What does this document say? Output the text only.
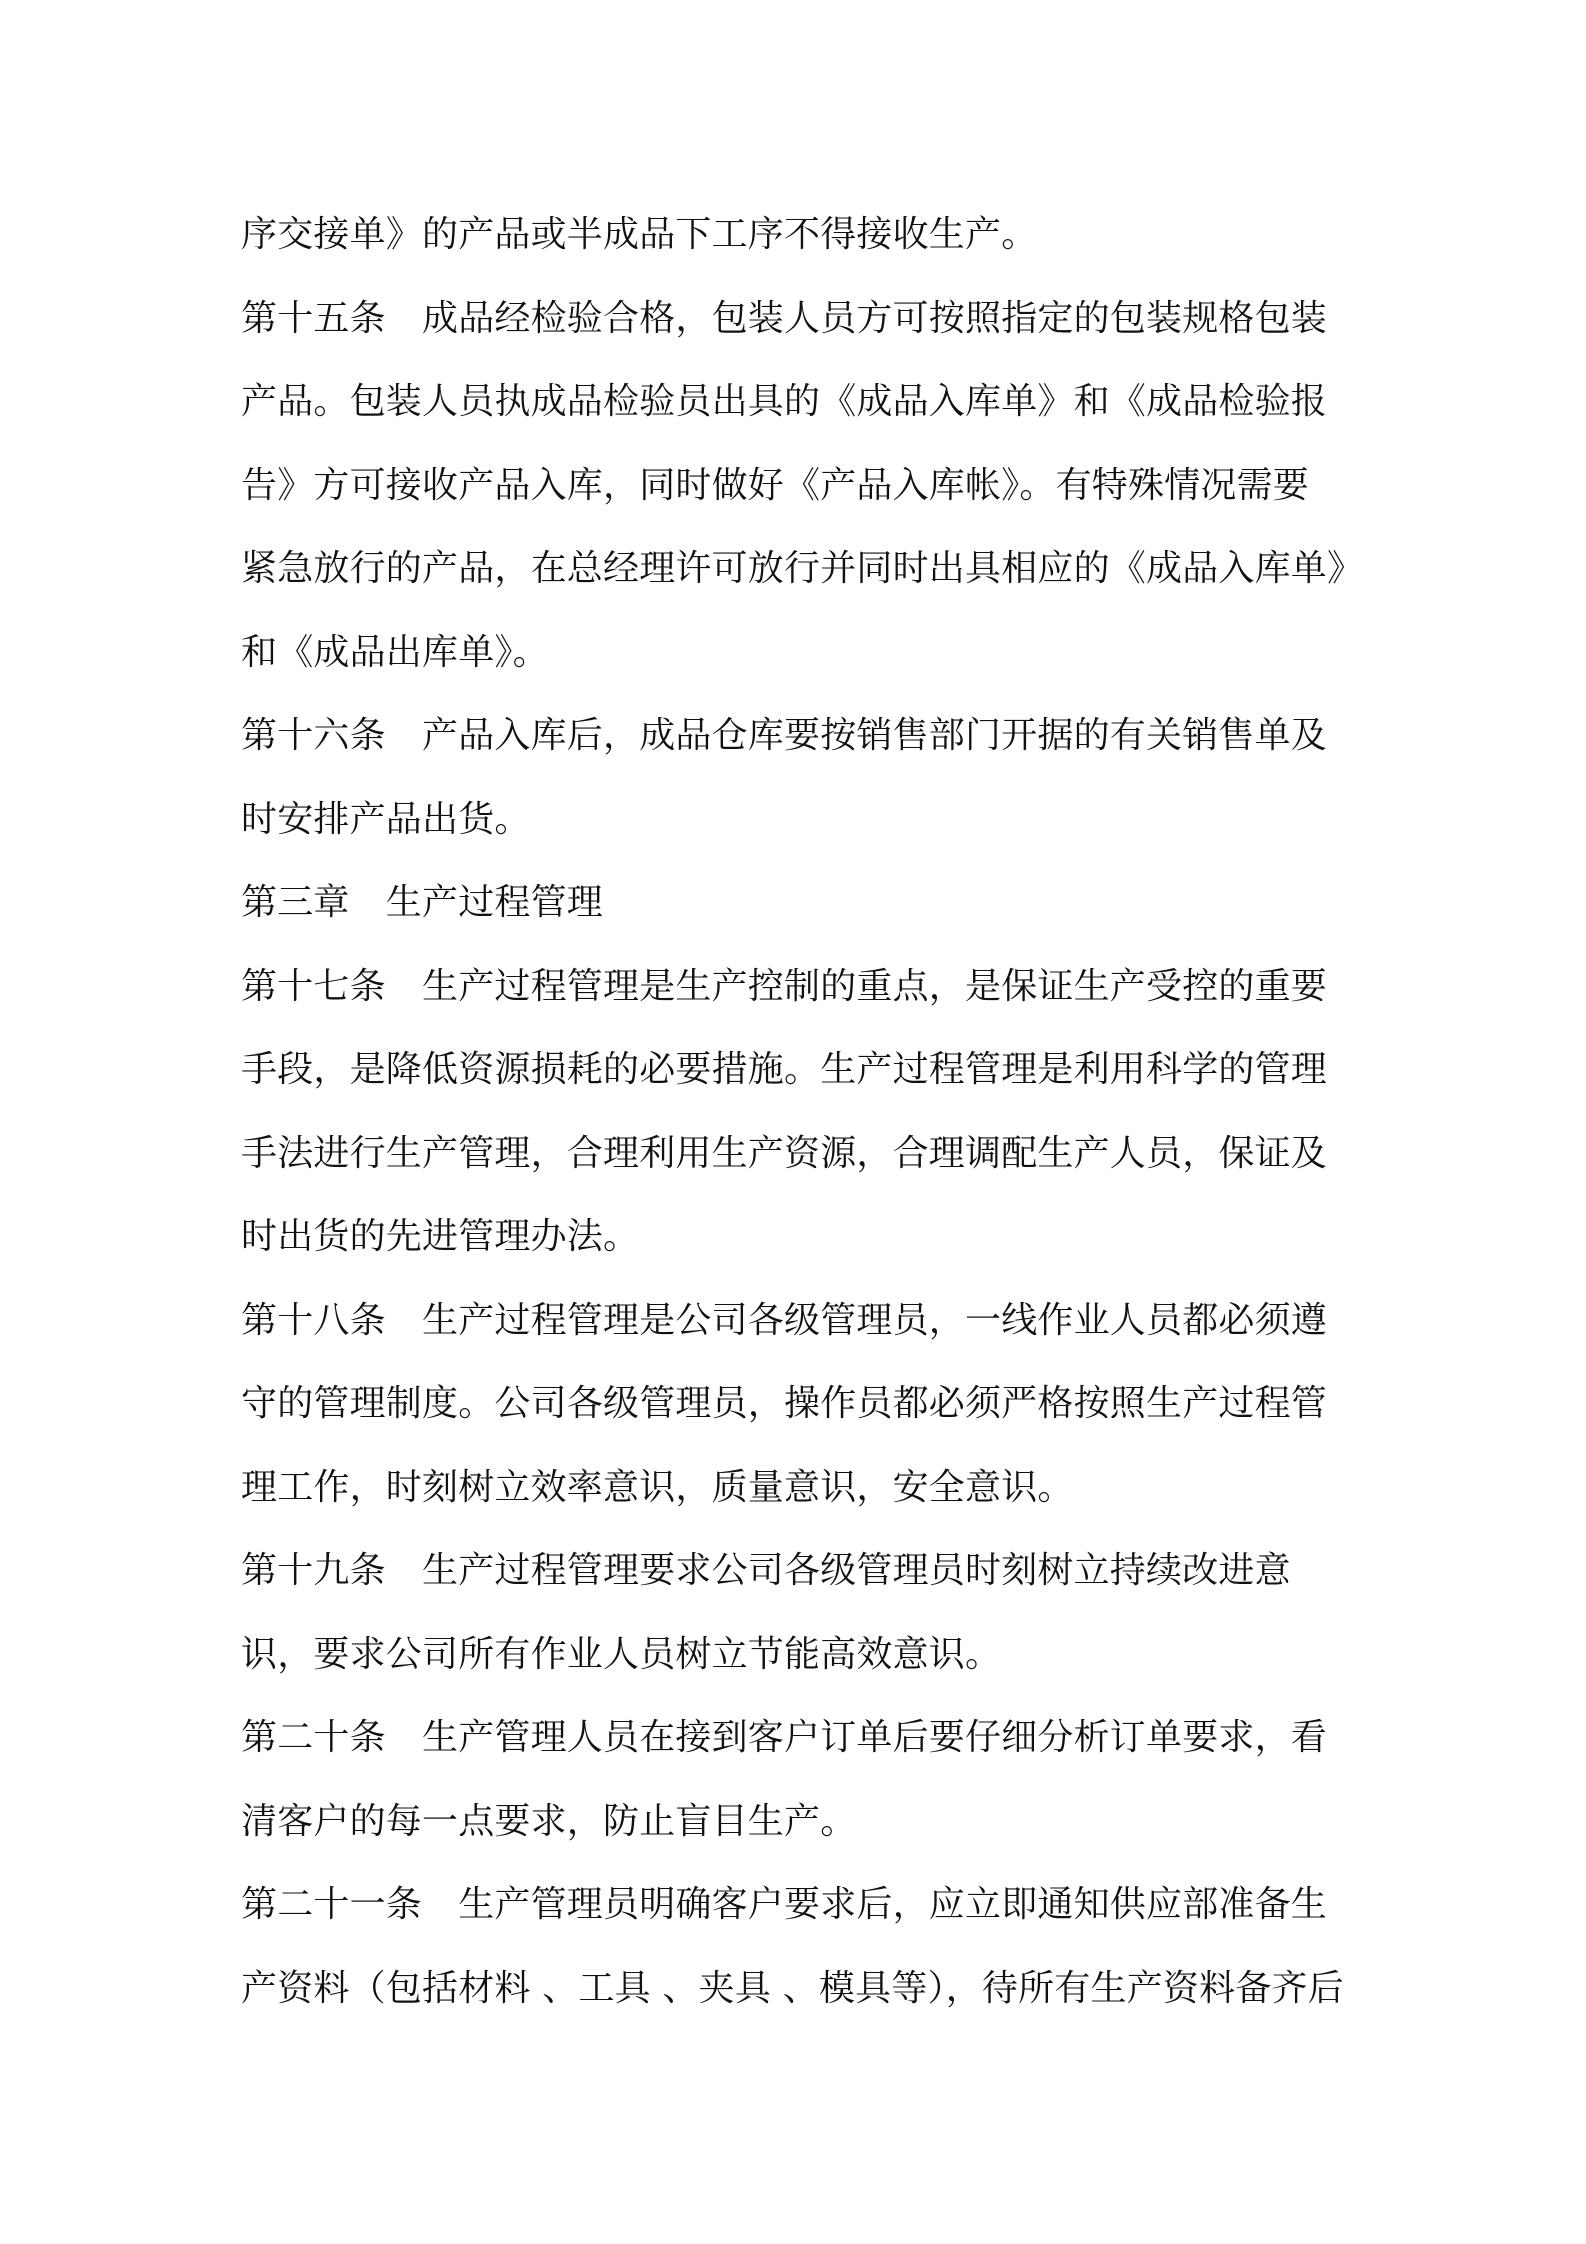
序交接单》的产品或半成品下工序不得接收生产。
第十五条　成品经检验合格，包装人员方可按照指定的包装规格包装
产品。包装人员执成品检验员出具的《成品入库单》和《成品检验报
告》方可接收产品入库，同时做好《产品入库帐》。有特殊情况需要
紧急放行的产品，在总经理许可放行并同时出具相应的《成品入库单》
和《成品出库单》。
第十六条　产品入库后，成品仓库要按销售部门开据的有关销售单及
时安排产品出货。
第三章　生产过程管理
第十七条　生产过程管理是生产控制的重点，是保证生产受控的重要
手段，是降低资源损耗的必要措施。生产过程管理是利用科学的管理
手法进行生产管理，合理利用生产资源，合理调配生产人员，保证及
时出货的先进管理办法。
第十八条　生产过程管理是公司各级管理员，一线作业人员都必须遵
守的管理制度。公司各级管理员，操作员都必须严格按照生产过程管
理工作，时刻树立效率意识，质量意识，安全意识。
第十九条　生产过程管理要求公司各级管理员时刻树立持续改进意
识，要求公司所有作业人员树立节能高效意识。
第二十条　生产管理人员在接到客户订单后要仔细分析订单要求，看
清客户的每一点要求，防止盲目生产。
第二十一条　生产管理员明确客户要求后，应立即通知供应部准备生
产资料（包括材料 、工具 、夹具 、模具等），待所有生产资料备齐后
